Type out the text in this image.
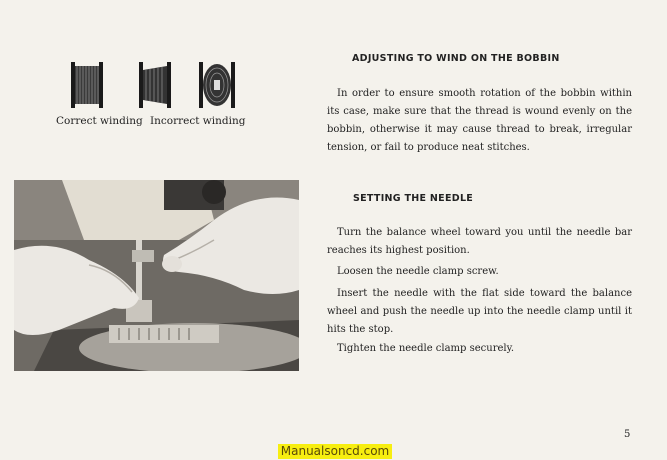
Correct winding Incorrect winding
ADJUSTING TO WIND ON THE BOBBIN
In order to ensure smooth rotation of the bobbin within its case, make sure that the thread is wound evenly on the bobbin, otherwise it may cause thread to break, irregular tension, or fail to produce neat stitches.
SETTING THE NEEDLE
Turn the balance wheel toward you until the needle bar reaches its highest position.
Loosen the needle clamp screw.
Insert the needle with the flat side toward the balance wheel and push the needle up into the needle clamp until it hits the stop.
Tighten the needle clamp securely.
5
Manualsoncd.com
